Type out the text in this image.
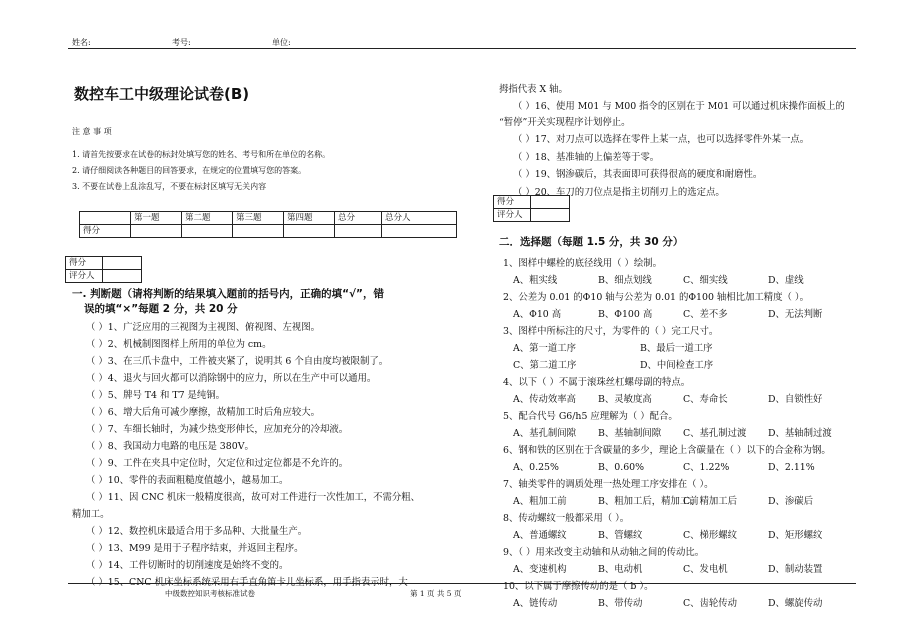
姓名:	考号:	单位:
数控车工中级理论试卷(B)
注 意 事 项
1. 请首先按要求在试卷的标封处填写您的姓名、考号和所在单位的名称。
2. 请仔细阅读各种题目的回答要求，在规定的位置填写您的答案。
3. 不要在试卷上乱涂乱写，不要在标封区填写无关内容
	第一题	第二题	第三题	第四题	总分	总分人
得分						
得分	
评分人	
一. 判断题（请将判断的结果填入题前的括号内，正确的填“√”，错
误的填“×”每题 2 分，共 20 分
（ ）1、广泛应用的三视图为主视图、俯视图、左视图。
（ ）2、机械制图图样上所用的单位为 cm。
（ ）3、在三爪卡盘中，工件被夹紧了，说明其 6 个自由度均被限制了。
（ ）4、退火与回火都可以消除钢中的应力，所以在生产中可以通用。
（ ）5、牌号 T4 和 T7 是纯铜。
（ ）6、增大后角可减少摩擦，故精加工时后角应较大。
（ ）7、车细长轴时，为减少热变形伸长，应加充分的冷却液。
（ ）8、我国动力电路的电压是 380V。
（ ）9、工件在夹具中定位时，欠定位和过定位都是不允许的。
（ ）10、零件的表面粗糙度值越小，越易加工。
（ ）11、因 CNC 机床一般精度很高，故可对工件进行一次性加工，不需分粗、
精加工。
（ ）12、数控机床最适合用于多品种、大批量生产。
（ ）13、M99 是用于子程序结束，并返回主程序。
（ ）14、工件切断时的切削速度是始终不变的。
（ ）15、CNC 机床坐标系统采用右手直角笛卡儿坐标系，用手指表示时，大
拇指代表 X 轴。
（ ）16、使用 M01 与 M00 指令的区别在于 M01 可以通过机床操作面板上的
“暂停”开关实现程序计划停止。
（ ）17、对刀点可以选择在零件上某一点，也可以选择零件外某一点。
（ ）18、基准轴的上偏差等于零。
（ ）19、钢渗碳后，其表面即可获得很高的硬度和耐磨性。
（ ）20、车刀的刀位点是指主切削刃上的选定点。
得分	
评分人	
二．选择题（每题 1.5 分，共 30 分）
1、图样中螺栓的底径线用（ ）绘制。
A、粗实线	B、细点划线	C、细实线	D、虚线
2、公差为 0.01 的Φ10 轴与公差为 0.01 的Φ100 轴相比加工精度（ ）。
A、Φ10 高	B、Φ100 高	C、差不多	D、无法判断
3、图样中所标注的尺寸，为零件的（ ）完工尺寸。
A、第一道工序	B、最后一道工序
C、第二道工序	D、中间检查工序
4、以下（ ）不属于滚珠丝杠螺母副的特点。
A、传动效率高 B、灵敏度高	C、寿命长	D、自锁性好
5、配合代号 G6/h5 应理解为（ ）配合。
A、基孔制间隙 B、基轴制间隙 C、基孔制过渡 D、基轴制过渡
6、钢和铁的区别在于含碳量的多少，理论上含碳量在（ ）以下的合金称为钢。
A、0.25%	B、0.60%	C、1.22%	D、2.11%
7、轴类零件的调质处理一热处理工序安排在（ ）。
A、粗加工前	B、粗加工后，精加工前
C、精加工后	D、渗碳后
8、传动螺纹一般都采用（ ）。
A、普通螺纹	B、管螺纹	C、梯形螺纹	D、矩形螺纹
9、（ ）用来改变主动轴和从动轴之间的传动比。
A、变速机构	B、电动机	C、发电机	D、制动装置
10、以下属于摩擦传动的是（ b ）。
A、链传动	B、带传动	C、齿轮传动	D、螺旋传动
中级数控知识考核标准试卷	第 1 页 共 5 页
